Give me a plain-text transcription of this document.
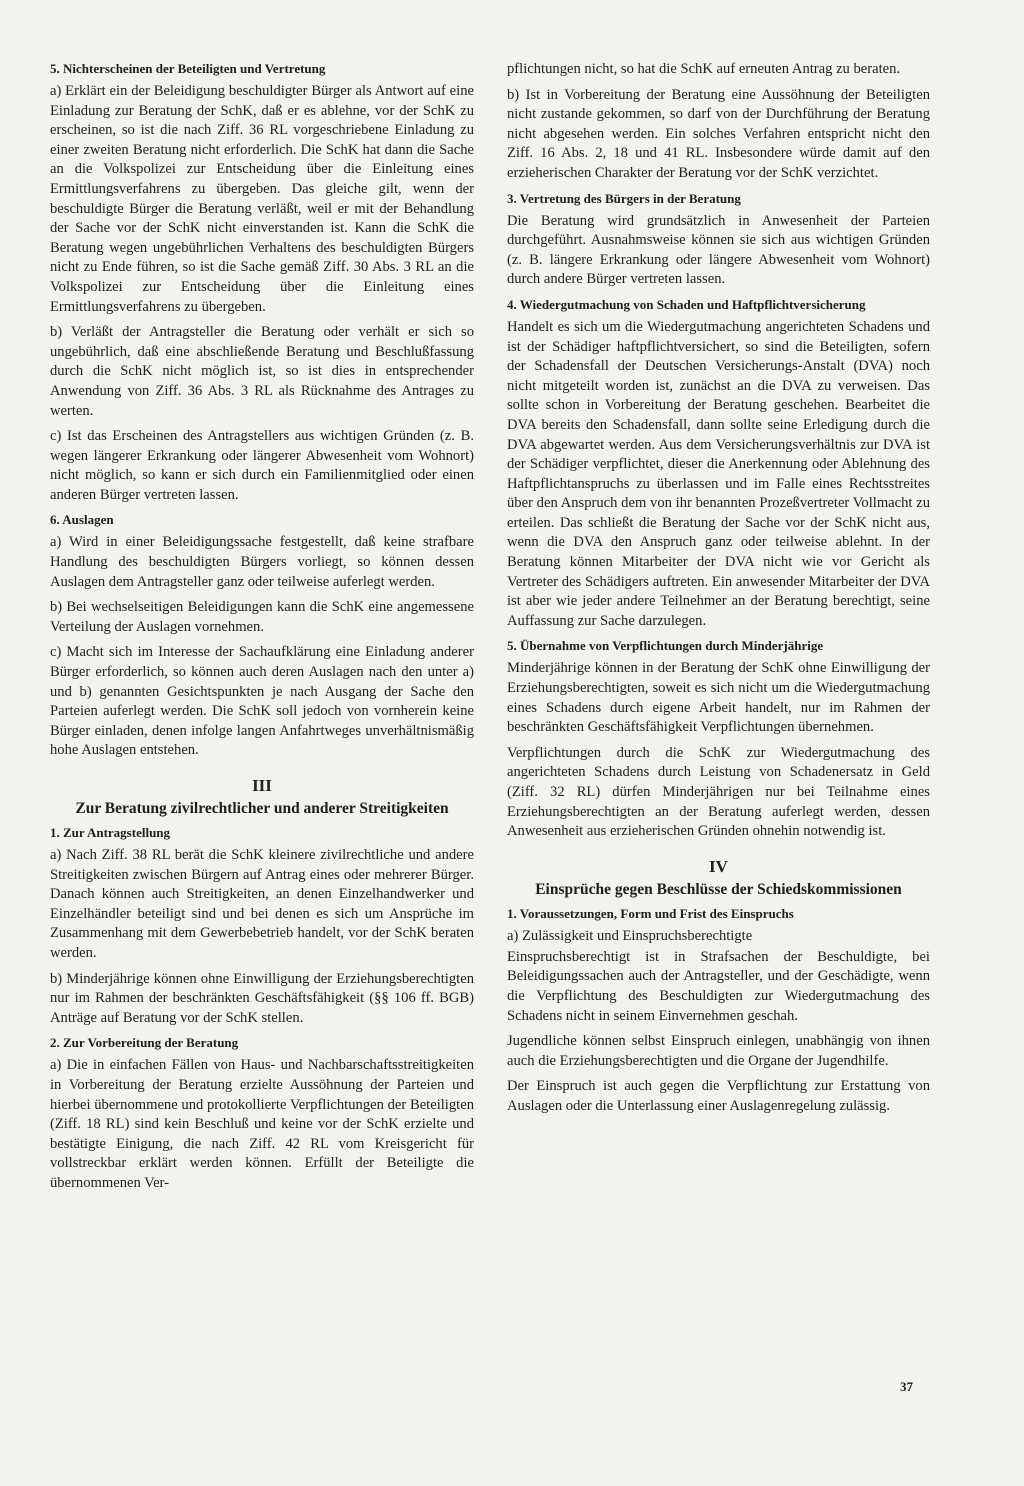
5. Nichterscheinen der Beteiligten und Vertretung

a) Erklärt ein der Beleidigung beschuldigter Bürger als Antwort auf eine Einladung zur Beratung der SchK, daß er es ablehne, vor der SchK zu erscheinen, so ist die nach Ziff. 36 RL vorgeschriebene Einladung zu einer zweiten Beratung nicht erforderlich. Die SchK hat dann die Sache an die Volkspolizei zur Entscheidung über die Einleitung eines Ermittlungsverfahrens zu übergeben. Das gleiche gilt, wenn der beschuldigte Bürger die Beratung verläßt, weil er mit der Behandlung der Sache vor der SchK nicht einverstanden ist. Kann die SchK die Beratung wegen ungebührlichen Verhaltens des beschuldigten Bürgers nicht zu Ende führen, so ist die Sache gemäß Ziff. 30 Abs. 3 RL an die Volkspolizei zur Entscheidung über die Einleitung eines Ermittlungsverfahrens zu übergeben.

b) Verläßt der Antragsteller die Beratung oder verhält er sich so ungebührlich, daß eine abschließende Beratung und Beschlußfassung durch die SchK nicht möglich ist, so ist dies in entsprechender Anwendung von Ziff. 36 Abs. 3 RL als Rücknahme des Antrages zu werten.

c) Ist das Erscheinen des Antragstellers aus wichtigen Gründen (z. B. wegen längerer Erkrankung oder längerer Abwesenheit vom Wohnort) nicht möglich, so kann er sich durch ein Familienmitglied oder einen anderen Bürger vertreten lassen.

6. Auslagen

a) Wird in einer Beleidigungssache festgestellt, daß keine strafbare Handlung des beschuldigten Bürgers vorliegt, so können dessen Auslagen dem Antragsteller ganz oder teilweise auferlegt werden.

b) Bei wechselseitigen Beleidigungen kann die SchK eine angemessene Verteilung der Auslagen vornehmen.

c) Macht sich im Interesse der Sachaufklärung eine Einladung anderer Bürger erforderlich, so können auch deren Auslagen nach den unter a) und b) genannten Gesichtspunkten je nach Ausgang der Sache den Parteien auferlegt werden. Die SchK soll jedoch von vornherein keine Bürger einladen, denen infolge langen Anfahrtweges unverhältnismäßig hohe Auslagen entstehen.

III
Zur Beratung zivilrechtlicher und anderer Streitigkeiten
1. Zur Antragstellung

a) Nach Ziff. 38 RL berät die SchK kleinere zivilrechtliche und andere Streitigkeiten zwischen Bürgern auf Antrag eines oder mehrerer Bürger. Danach können auch Streitigkeiten, an denen Einzelhandwerker und Einzelhändler beteiligt sind und bei denen es sich um Ansprüche im Zusammenhang mit dem Gewerbebetrieb handelt, vor der SchK beraten werden.

b) Minderjährige können ohne Einwilligung der Erziehungsberechtigten nur im Rahmen der beschränkten Geschäftsfähigkeit (§§ 106 ff. BGB) Anträge auf Beratung vor der SchK stellen.

2. Zur Vorbereitung der Beratung

a) Die in einfachen Fällen von Haus- und Nachbarschaftsstreitigkeiten in Vorbereitung der Beratung erzielte Aussöhnung der Parteien und hierbei übernommene und protokollierte Verpflichtungen der Beteiligten (Ziff. 18 RL) sind kein Beschluß und keine vor der SchK erzielte und bestätigte Einigung, die nach Ziff. 42 RL vom Kreisgericht für vollstreckbar erklärt werden können. Erfüllt der Beteiligte die übernommenen Ver-

pflichtungen nicht, so hat die SchK auf erneuten Antrag zu beraten.

b) Ist in Vorbereitung der Beratung eine Aussöhnung der Beteiligten nicht zustande gekommen, so darf von der Durchführung der Beratung nicht abgesehen werden. Ein solches Verfahren entspricht nicht den Ziff. 16 Abs. 2, 18 und 41 RL. Insbesondere würde damit auf den erzieherischen Charakter der Beratung vor der SchK verzichtet.

3. Vertretung des Bürgers in der Beratung

Die Beratung wird grundsätzlich in Anwesenheit der Parteien durchgeführt. Ausnahmsweise können sie sich aus wichtigen Gründen (z. B. längere Erkrankung oder längere Abwesenheit vom Wohnort) durch andere Bürger vertreten lassen.

4. Wiedergutmachung von Schaden und Haftpflichtversicherung

Handelt es sich um die Wiedergutmachung angerichteten Schadens und ist der Schädiger haftpflichtversichert, so sind die Beteiligten, sofern der Schadensfall der Deutschen Versicherungs-Anstalt (DVA) noch nicht mitgeteilt worden ist, zunächst an die DVA zu verweisen. Das sollte schon in Vorbereitung der Beratung geschehen. Bearbeitet die DVA bereits den Schadensfall, dann sollte seine Erledigung durch die DVA abgewartet werden. Aus dem Versicherungsverhältnis zur DVA ist der Schädiger verpflichtet, dieser die Anerkennung oder Ablehnung des Haftpflichtanspruchs zu überlassen und im Falle eines Rechtsstreites über den Anspruch dem von ihr benannten Prozeßvertreter Vollmacht zu erteilen. Das schließt die Beratung der Sache vor der SchK nicht aus, wenn die DVA den Anspruch ganz oder teilweise ablehnt. In der Beratung können Mitarbeiter der DVA nicht wie vor Gericht als Vertreter des Schädigers auftreten. Ein anwesender Mitarbeiter der DVA ist aber wie jeder andere Teilnehmer an der Beratung berechtigt, seine Auffassung zur Sache darzulegen.

5. Übernahme von Verpflichtungen durch Minderjährige

Minderjährige können in der Beratung der SchK ohne Einwilligung der Erziehungsberechtigten, soweit es sich nicht um die Wiedergutmachung eines Schadens durch eigene Arbeit handelt, nur im Rahmen der beschränkten Geschäftsfähigkeit Verpflichtungen übernehmen.

Verpflichtungen durch die SchK zur Wiedergutmachung des angerichteten Schadens durch Leistung von Schadenersatz in Geld (Ziff. 32 RL) dürfen Minderjährigen nur bei Teilnahme eines Erziehungsberechtigten an der Beratung auferlegt werden, dessen Anwesenheit aus erzieherischen Gründen ohnehin notwendig ist.

IV
Einsprüche gegen Beschlüsse der Schiedskommissionen
1. Voraussetzungen, Form und Frist des Einspruchs
a) Zulässigkeit und Einspruchsberechtigte

Einspruchsberechtigt ist in Strafsachen der Beschuldigte, bei Beleidigungssachen auch der Antragsteller, und der Geschädigte, wenn die Verpflichtung des Beschuldigten zur Wiedergutmachung des Schadens nicht in seinem Einvernehmen geschah.

Jugendliche können selbst Einspruch einlegen, unabhängig von ihnen auch die Erziehungsberechtigten und die Organe der Jugendhilfe.

Der Einspruch ist auch gegen die Verpflichtung zur Erstattung von Auslagen oder die Unterlassung einer Auslagenregelung zulässig.

37
